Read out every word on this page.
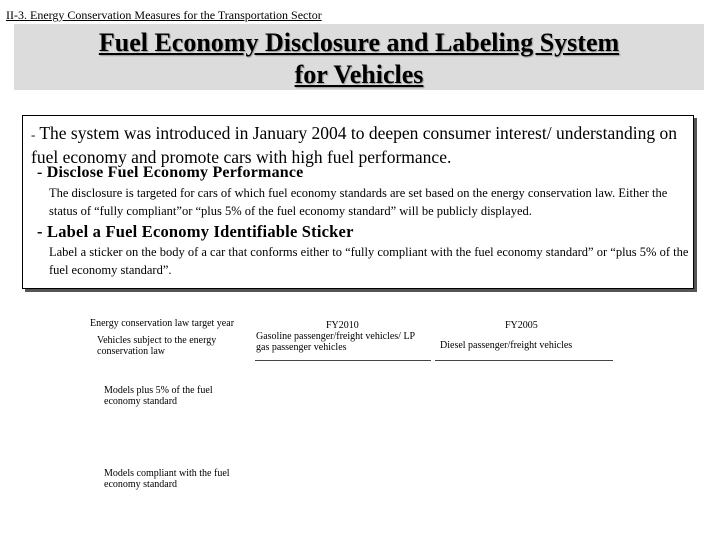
II-3. Energy Conservation Measures for the Transportation Sector
Fuel Economy Disclosure and Labeling System
for Vehicles
- The system was introduced in January 2004 to deepen consumer interest/ understanding on fuel economy and promote cars with high fuel performance.
- Disclose Fuel Economy Performance
The disclosure is targeted for cars of which fuel economy standards are set based on the energy conservation law. Either the status of “fully compliant”or “plus 5% of the fuel economy standard” will be publicly displayed.
- Label a Fuel Economy Identifiable Sticker
Label a sticker on the body of a car that conforms either to “fully compliant with the fuel economy standard” or “plus 5% of the fuel economy standard”.
Energy conservation law target year
Vehicles subject to the energy conservation law
FY2010	FY2005
Gasoline passenger/freight vehicles/ LP gas passenger vehicles	Diesel passenger/freight vehicles
Models plus 5% of the fuel economy standard
Models compliant with the fuel economy standard
